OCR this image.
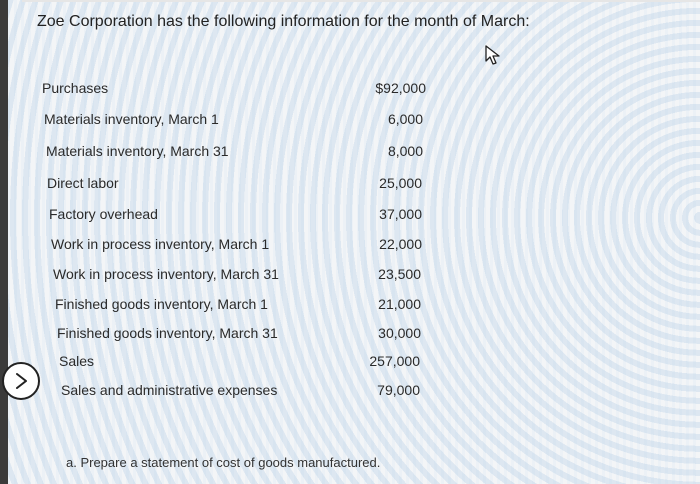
Zoe Corporation has the following information for the month of March:
Purchases	$92,000
Materials inventory, March 1	6,000
Materials inventory, March 31	8,000
Direct labor	25,000
Factory overhead	37,000
Work in process inventory, March 1	22,000
Work in process inventory, March 31	23,500
Finished goods inventory, March 1	21,000
Finished goods inventory, March 31	30,000
Sales	257,000
Sales and administrative expenses	79,000
a. Prepare a statement of cost of goods manufactured.
